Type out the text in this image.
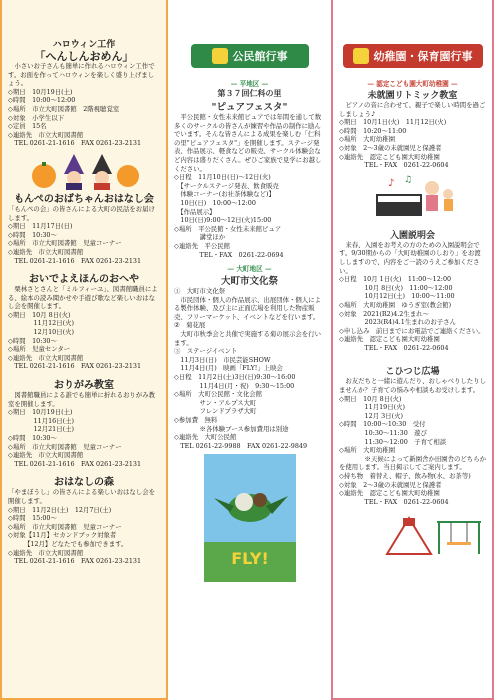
ハロウィン工作
「へんしんおめん」
　小さいお子さんも簡単に作れるハロウィン工作です。お面を作ってハロウィンを楽しく盛り上げましょう。
◇期日　10月19日(土)
◇時間　10:00～12:00
◇場所　市立大町図書館　2階視聴覚室
◇対象　小学生以下
◇定員　15名
◇連絡先　市立大町図書館
　TEL 0261-21-1616　FAX 0261-23-2131
もんぺのおばちゃんおはなし会
「もんぺの会」の皆さんによる大町の民話をお届けします。
◇期日　11月17日(日)
◇時間　10:30～
◇場所　市立大町図書館　児童コーナー
◇連絡先　市立大町図書館
　TEL 0261-21-1616　FAX 0261-23-2131
おいでよえほんのおへや
　栗林さとさんと「ミルフィーユ」、図書館職員による、絵本の読み聞かせや手遊び歌など楽しいおはなし会を開催します。
◇期日　10月 8日(火)
　　　　11月12日(火)
　　　　12月10日(火)
◇時間　10:30～
◇場所　児童センター
◇連絡先　市立大町図書館
　TEL 0261-21-1616　FAX 0261-23-2131
おりがみ教室
　図書館職員による誰でも簡単に折れるおりがみ教室を開催します。
◇期日　10月19日(土)
　　　　11月16日(土)
　　　　12月21日(土)
◇時間　10:30～
◇場所　市立大町図書館　児童コーナー
◇連絡先　市立大町図書館
　TEL 0261-21-1616　FAX 0261-23-2131
おはなしの森
「やまぼうし」の皆さんによる楽しいおはなし会を開催します。
◇期日　11月2日(土)　12月7日(土)
◇時間　15:00～
◇場所　市立大町図書館　児童コーナー
◇対象【11月】セカンドブック対象者
　　　【12月】どなたでも参加できます。
◇連絡先　市立大町図書館
　TEL 0261-21-1616　FAX 0261-23-2131
公民館行事
— 平地区 —
第３７回仁科の里
"ピュアフェスタ"
　平公民館・女性未来館ピュアでは年間を通して数多くのサークルの皆さんが練習や作品の制作に励んでいます。そんな皆さんによる成果を楽しむ「仁科の里"ピュアフェスタ"」を開催します。ステージ発表、作品展示、軽食などの販売、サークル体験会など内容は盛りだくさん。ぜひご家族で見学にお越しください。
◇日程　11月10日(日)～12日(火)
　【サークルステージ発表、飲食販売
　体験コーナー(お社茶体験など)】
　10日(日)　10:00～12:00
　【作品展示】
　10日(日)9:00～12日(火)15:00
◇場所　平公民館・女性未来館ピュア
　　　　講堂ほか
◇連絡先　平公民館
　　　　TEL・FAX　0261-22-0694
— 大町地区 —
大町市文化祭
①　大町市文化祭
　市民団体・個人の作品展示、出展団体・個人による製作体験、及び主に正面広場を利用した物産販売、フリーマーケット、イベントなどを行います。
②　菊花展
　大町市秋季会と共催で実施する菊の展示会を行います。
③　ステージイベント
　11月3日(日)　市民芸能SHOW
　11月4日(月)　映画「FLY!」上映会
◇日程　11月2日(土)3日(日)9:30～16:00
　　　　11月4日(月・祝)　9:30～15:00
◇場所　大町公民館・文化会館
　　　　サン・アルプス大町
　　　　フレンドプラザ大町
◇参加費　無料
　　　　※各体験ブース参加費用は別途
◇連絡先　大町公民館
　TEL 0261-22-9988　FAX 0261-22-9849
FLY!
幼稚園・保育園行事
— 認定こども園大町幼稚園 —
未就園リトミック教室
　ピアノの音に合わせて、親子で楽しい時間を過ごしましょう♪
◇期日　10月1日(火)　11月12日(火)
◇時間　10:20～11:00
◇場所　大町幼稚園
◇対象　2～3歳の未就園児と保護者
◇連絡先　認定こども園大町幼稚園
　　　　TEL・FAX　0261-22-0604
♪ ♫
入園説明会
　来春、入園をお考えの方のための入園説明会です。9/30期からの「大町幼稚園のしおり」をお渡ししますので、内容をご一読のうえご参加ください。
◇日程　10月 1日(火)　11:00～12:00
　　　　10月 8日(火)　11:00～12:00
　　　　10月12日(土)　10:00～11:00
◇場所　大町幼稚園　ゆうぎ室(教会館)
◇対象　2021(R2)4.2生まれ～
　　　　2023(R4)4.1生まれのお子さん
◇申し込み　前日までにお電話でご連絡ください。
◇連絡先　認定こども園大町幼稚園
　　　　TEL・FAX　0261-22-0604
こひつじ広場
　お友だちと一緒に遊んだり、おしゃべりしたりしませんか？子育ての悩みや相談もお受けします。
◇期日　10月 8日(火)
　　　　11月19日(火)
　　　　12月 3日(火)
◇時間　10:00～10:30　受付
　　　　10:30～11:30　遊び
　　　　11:30～12:00　子育て相談
◇場所　大町幼稚園
　　　　※天候によって新園舎か田園舎のどちらかを使用します。当日掲示してご案内します。
◇持ち物　着替え、帽子、飲み物(水、お茶等)
◇対象　2～3歳の未就園児と保護者
◇連絡先　認定こども園大町幼稚園
　　　　TEL・FAX　0261-22-0604
